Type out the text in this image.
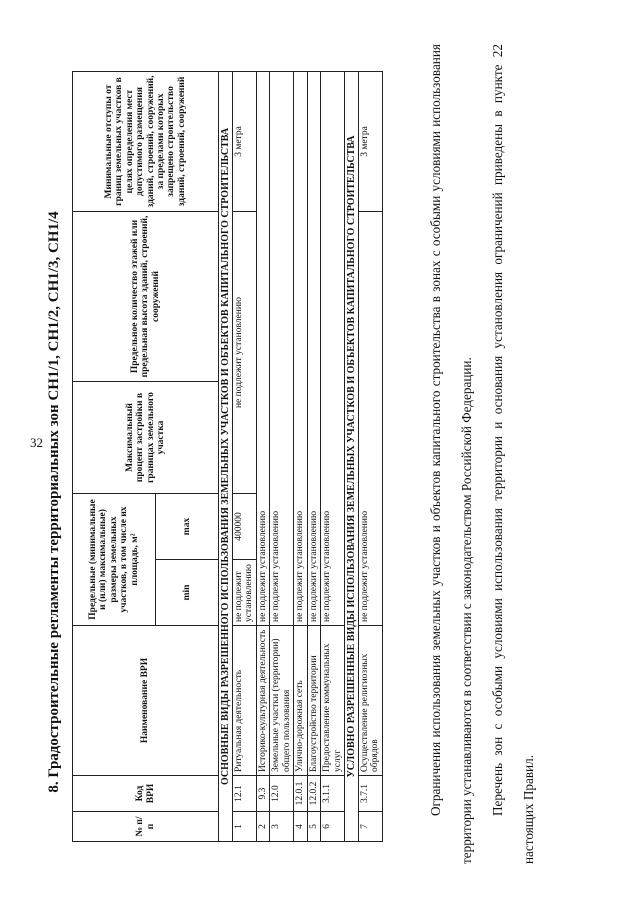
32 8. Градостроительные регламенты территориальных зон СН1/1, СН1/2, СН1/3, СН1/4
№ п/п	Код ВРИ	Наименование ВРИ	Предельные (минимальные и (или) максимальные) размеры земельных участков, в том числе их площадь, м²		Максимальный процент застройки в границах земельного участка	Предельное количество этажей или предельная высота зданий, строений, сооружений	Минимальные отступы от границ земельных участков в целях определения мест допустимого размещения зданий, строений, сооружений, за пределами которых запрещено строительство зданий, строений, сооружений
			min	max			
ОСНОВНЫЕ ВИДЫ РАЗРЕШЕННОГО ИСПОЛЬЗОВАНИЯ ЗЕМЕЛЬНЫХ УЧАСТКОВ И ОБЪЕКТОВ КАПИТАЛЬНОГО СТРОИТЕЛЬСТВА							
1	12.1	Ритуальная деятельность	не подлежит установлению	400000	не подлежит установлению		3 метра
2	9.3	Историко-культурная деятельность	не подлежит установлению				
3	12.0	Земельные участки (территории) общего пользования	не подлежит установлению				
4	12.0.1	Улично-дорожная сеть	не подлежит установлению				
5	12.0.2	Благоустройство территории	не подлежит установлению				
6	3.1.1	Предоставление коммунальных услуг	не подлежит установлению				
УСЛОВНО РАЗРЕШЕННЫЕ ВИДЫ ИСПОЛЬЗОВАНИЯ ЗЕМЕЛЬНЫХ УЧАСТКОВ И ОБЪЕКТОВ КАПИТАЛЬНОГО СТРОИТЕЛЬСТВА							
7	3.7.1	Осуществление религиозных обрядов	не подлежит установлению				3 метра	Ограничения использования земельных участков и объектов капитального строительства в зонах с особыми условиями использования территории устанавливаются в соответствии с законодательством Российской Федерации.	Перечень зон с особыми условиями использования территории и основания установления ограничений приведены в пункте 22 настоящих Правил.
